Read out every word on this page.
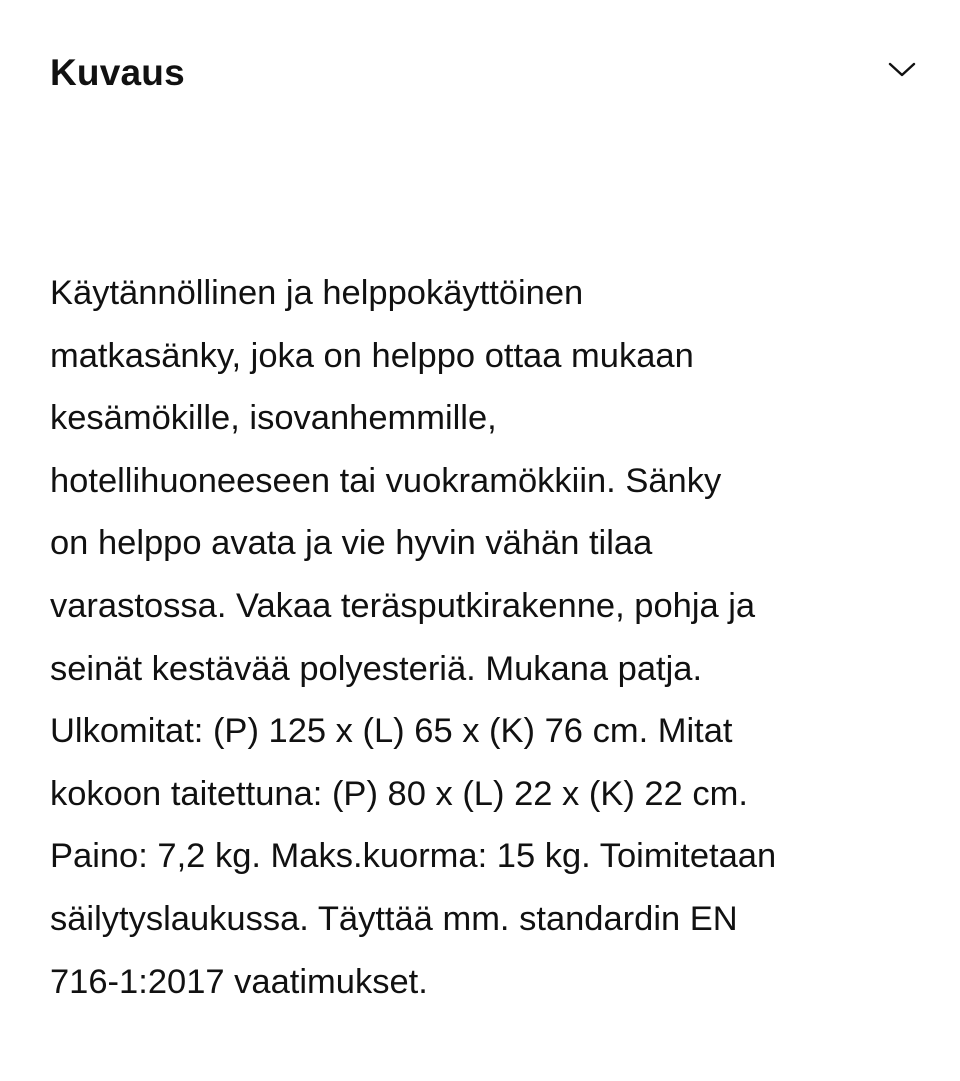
Kuvaus

Käytännöllinen ja helppokäyttöinen
matkasänky, joka on helppo ottaa mukaan
kesämökille, isovanhemmille,
hotellihuoneeseen tai vuokramökkiin. Sänky
on helppo avata ja vie hyvin vähän tilaa
varastossa. Vakaa teräsputkirakenne, pohja ja
seinät kestävää polyesteriä. Mukana patja.
Ulkomitat: (P) 125 x (L) 65 x (K) 76 cm. Mitat
kokoon taitettuna: (P) 80 x (L) 22 x (K) 22 cm.
Paino: 7,2 kg. Maks.kuorma: 15 kg. Toimitetaan
säilytyslaukussa. Täyttää mm. standardin EN
716-1:2017 vaatimukset.
